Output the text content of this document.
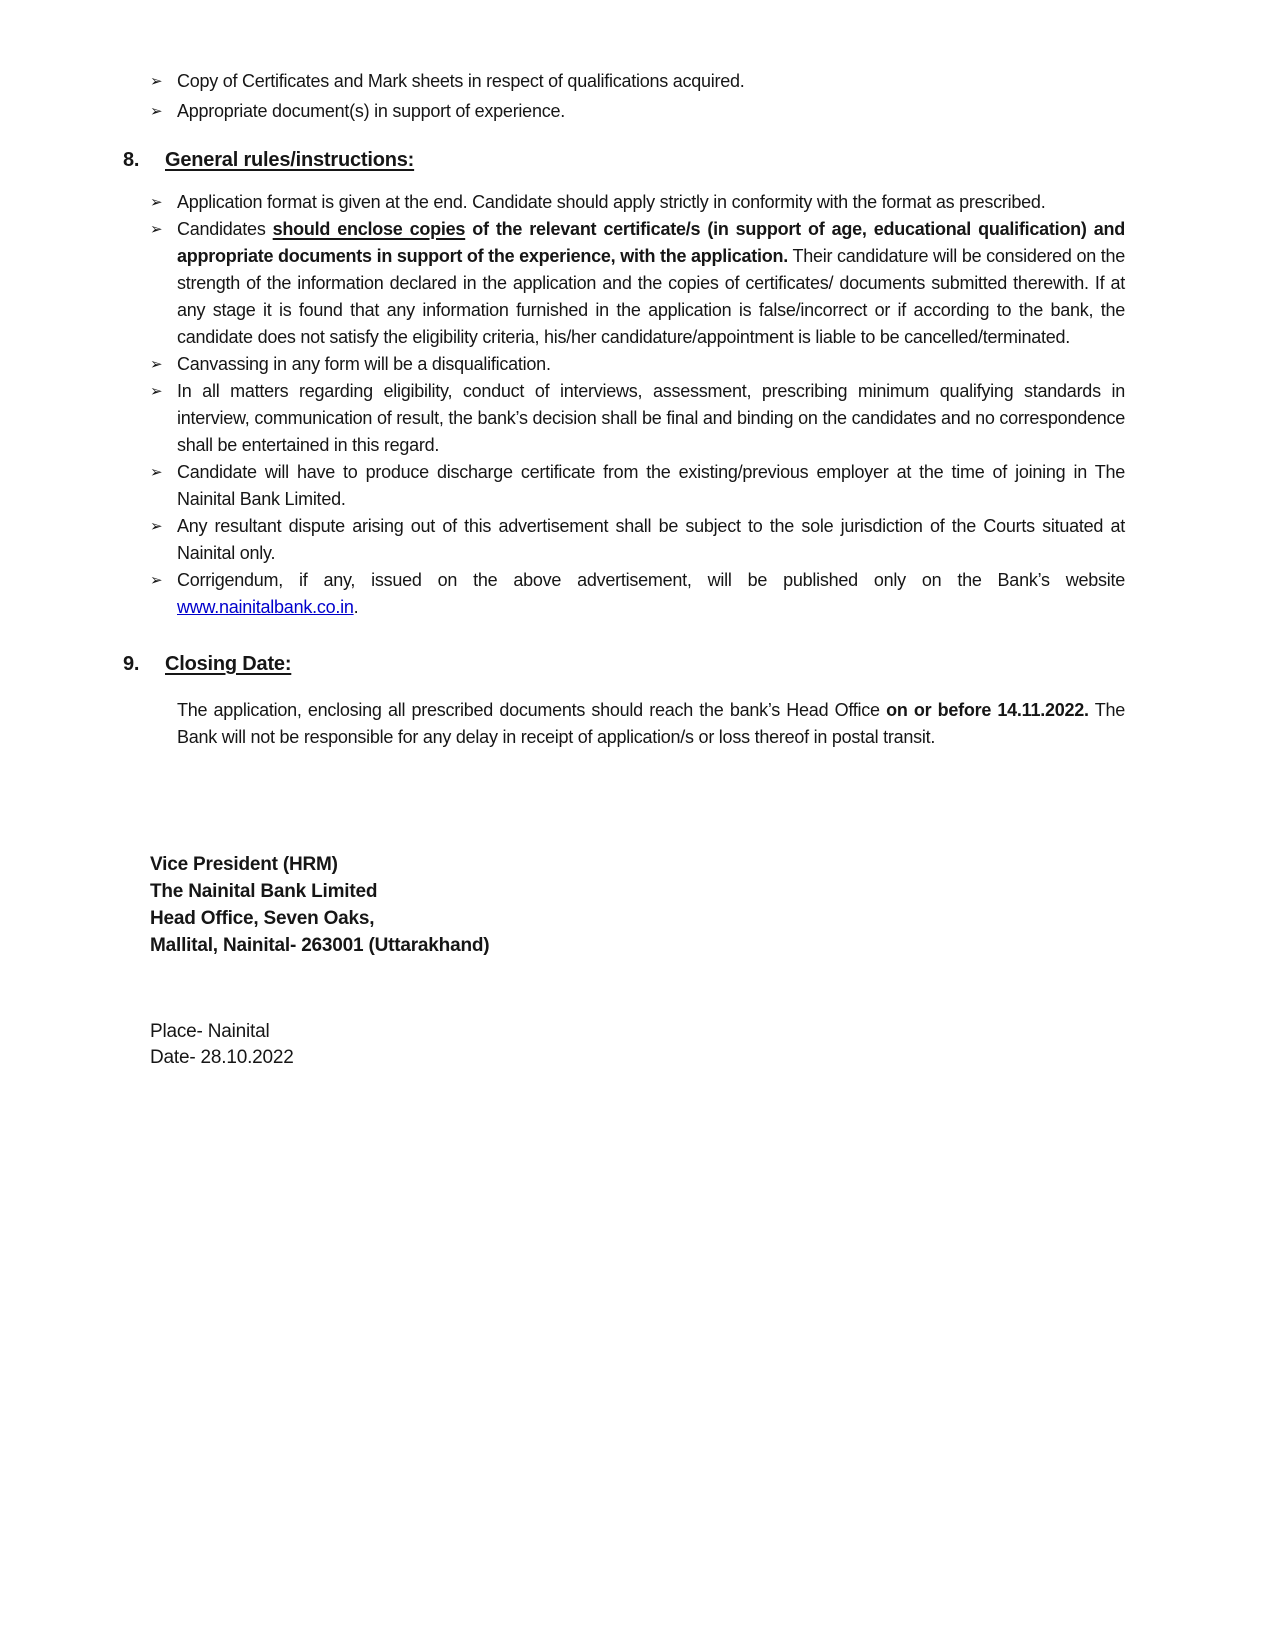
➢ Copy of Certificates and Mark sheets in respect of qualifications acquired.
➢ Appropriate document(s) in support of experience.
8.	General rules/instructions:
➢ Application format is given at the end. Candidate should apply strictly in conformity with the format as prescribed.
➢ Candidates should enclose copies of the relevant certificate/s (in support of age, educational qualification) and appropriate documents in support of the experience, with the application. Their candidature will be considered on the strength of the information declared in the application and the copies of certificates/ documents submitted therewith. If at any stage it is found that any information furnished in the application is false/incorrect or if according to the bank, the candidate does not satisfy the eligibility criteria, his/her candidature/appointment is liable to be cancelled/terminated.
➢ Canvassing in any form will be a disqualification.
➢ In all matters regarding eligibility, conduct of interviews, assessment, prescribing minimum qualifying standards in interview, communication of result, the bank’s decision shall be final and binding on the candidates and no correspondence shall be entertained in this regard.
➢ Candidate will have to produce discharge certificate from the existing/previous employer at the time of joining in The Nainital Bank Limited.
➢ Any resultant dispute arising out of this advertisement shall be subject to the sole jurisdiction of the Courts situated at Nainital only.
➢ Corrigendum, if any, issued on the above advertisement, will be published only on the Bank’s website www.nainitalbank.co.in.
9.	Closing Date:

The application, enclosing all prescribed documents should reach the bank’s Head Office on or before 14.11.2022. The Bank will not be responsible for any delay in receipt of application/s or loss thereof in postal transit.

Vice President (HRM)
The Nainital Bank Limited
Head Office, Seven Oaks,
Mallital, Nainital- 263001 (Uttarakhand)
Place- Nainital
Date- 28.10.2022
